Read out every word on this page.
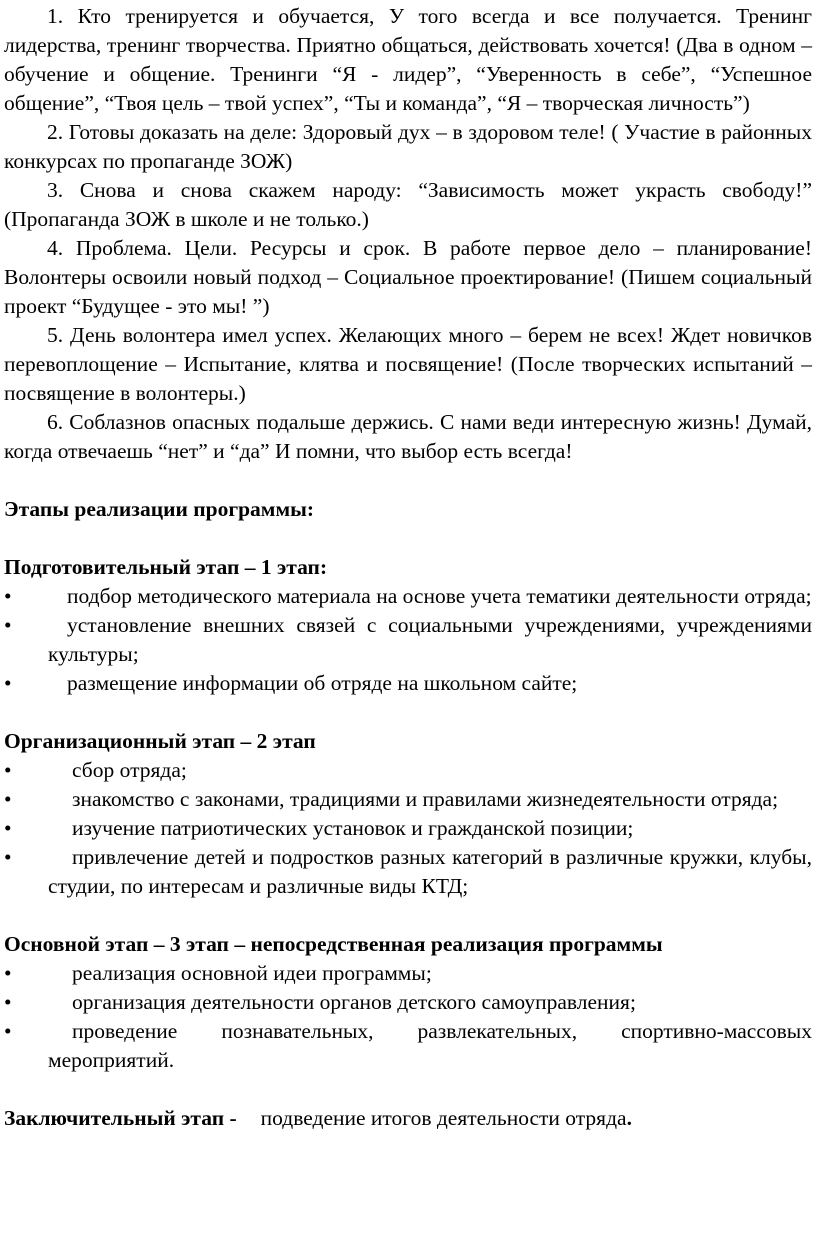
1. Кто тренируется и обучается, У того всегда и все получается. Тренинг лидерства, тренинг творчества. Приятно общаться, действовать хочется! (Два в одном – обучение и общение. Тренинги “Я - лидер”, “Уверенность в себе”, “Успешное общение”, “Твоя цель – твой успех”, “Ты и команда”, “Я – творческая личность”)

2. Готовы доказать на деле: Здоровый дух – в здоровом теле! ( Участие в районных конкурсах по пропаганде ЗОЖ)

3. Снова и снова скажем народу: “Зависимость может украсть свободу!” (Пропаганда ЗОЖ в школе и не только.)

4. Проблема. Цели. Ресурсы и срок. В работе первое дело – планирование! Волонтеры освоили новый подход – Социальное проектирование! (Пишем социальный проект “Будущее - это мы! ”)

5. День волонтера имел успех. Желающих много – берем не всех! Ждет новичков перевоплощение – Испытание, клятва и посвящение! (После творческих испытаний – посвящение в волонтеры.)

6. Соблазнов опасных подальше держись. С нами веди интересную жизнь! Думай, когда отвечаешь “нет” и “да” И помни, что выбор есть всегда!

Этапы реализации программы:

Подготовительный этап – 1 этап:

•	подбор методического материала на основе учета тематики деятельности отряда;

•	установление внешних связей с социальными учреждениями, учреждениями культуры;

•	размещение информации об отряде на школьном сайте;

Организационный этап – 2 этап

•	сбор отряда;

•	знакомство с законами, традициями и правилами жизнедеятельности отряда;

•	изучение патриотических установок и гражданской позиции;

•	привлечение детей и подростков разных категорий в различные кружки, клубы, студии, по интересам и различные виды КТД;

Основной этап – 3 этап – непосредственная реализация программы

•	реализация основной идеи программы;

•	организация деятельности органов детского самоуправления;

•	проведение познавательных, развлекательных, спортивно-массовых мероприятий.

Заключительный этап - подведение итогов деятельности отряда.
